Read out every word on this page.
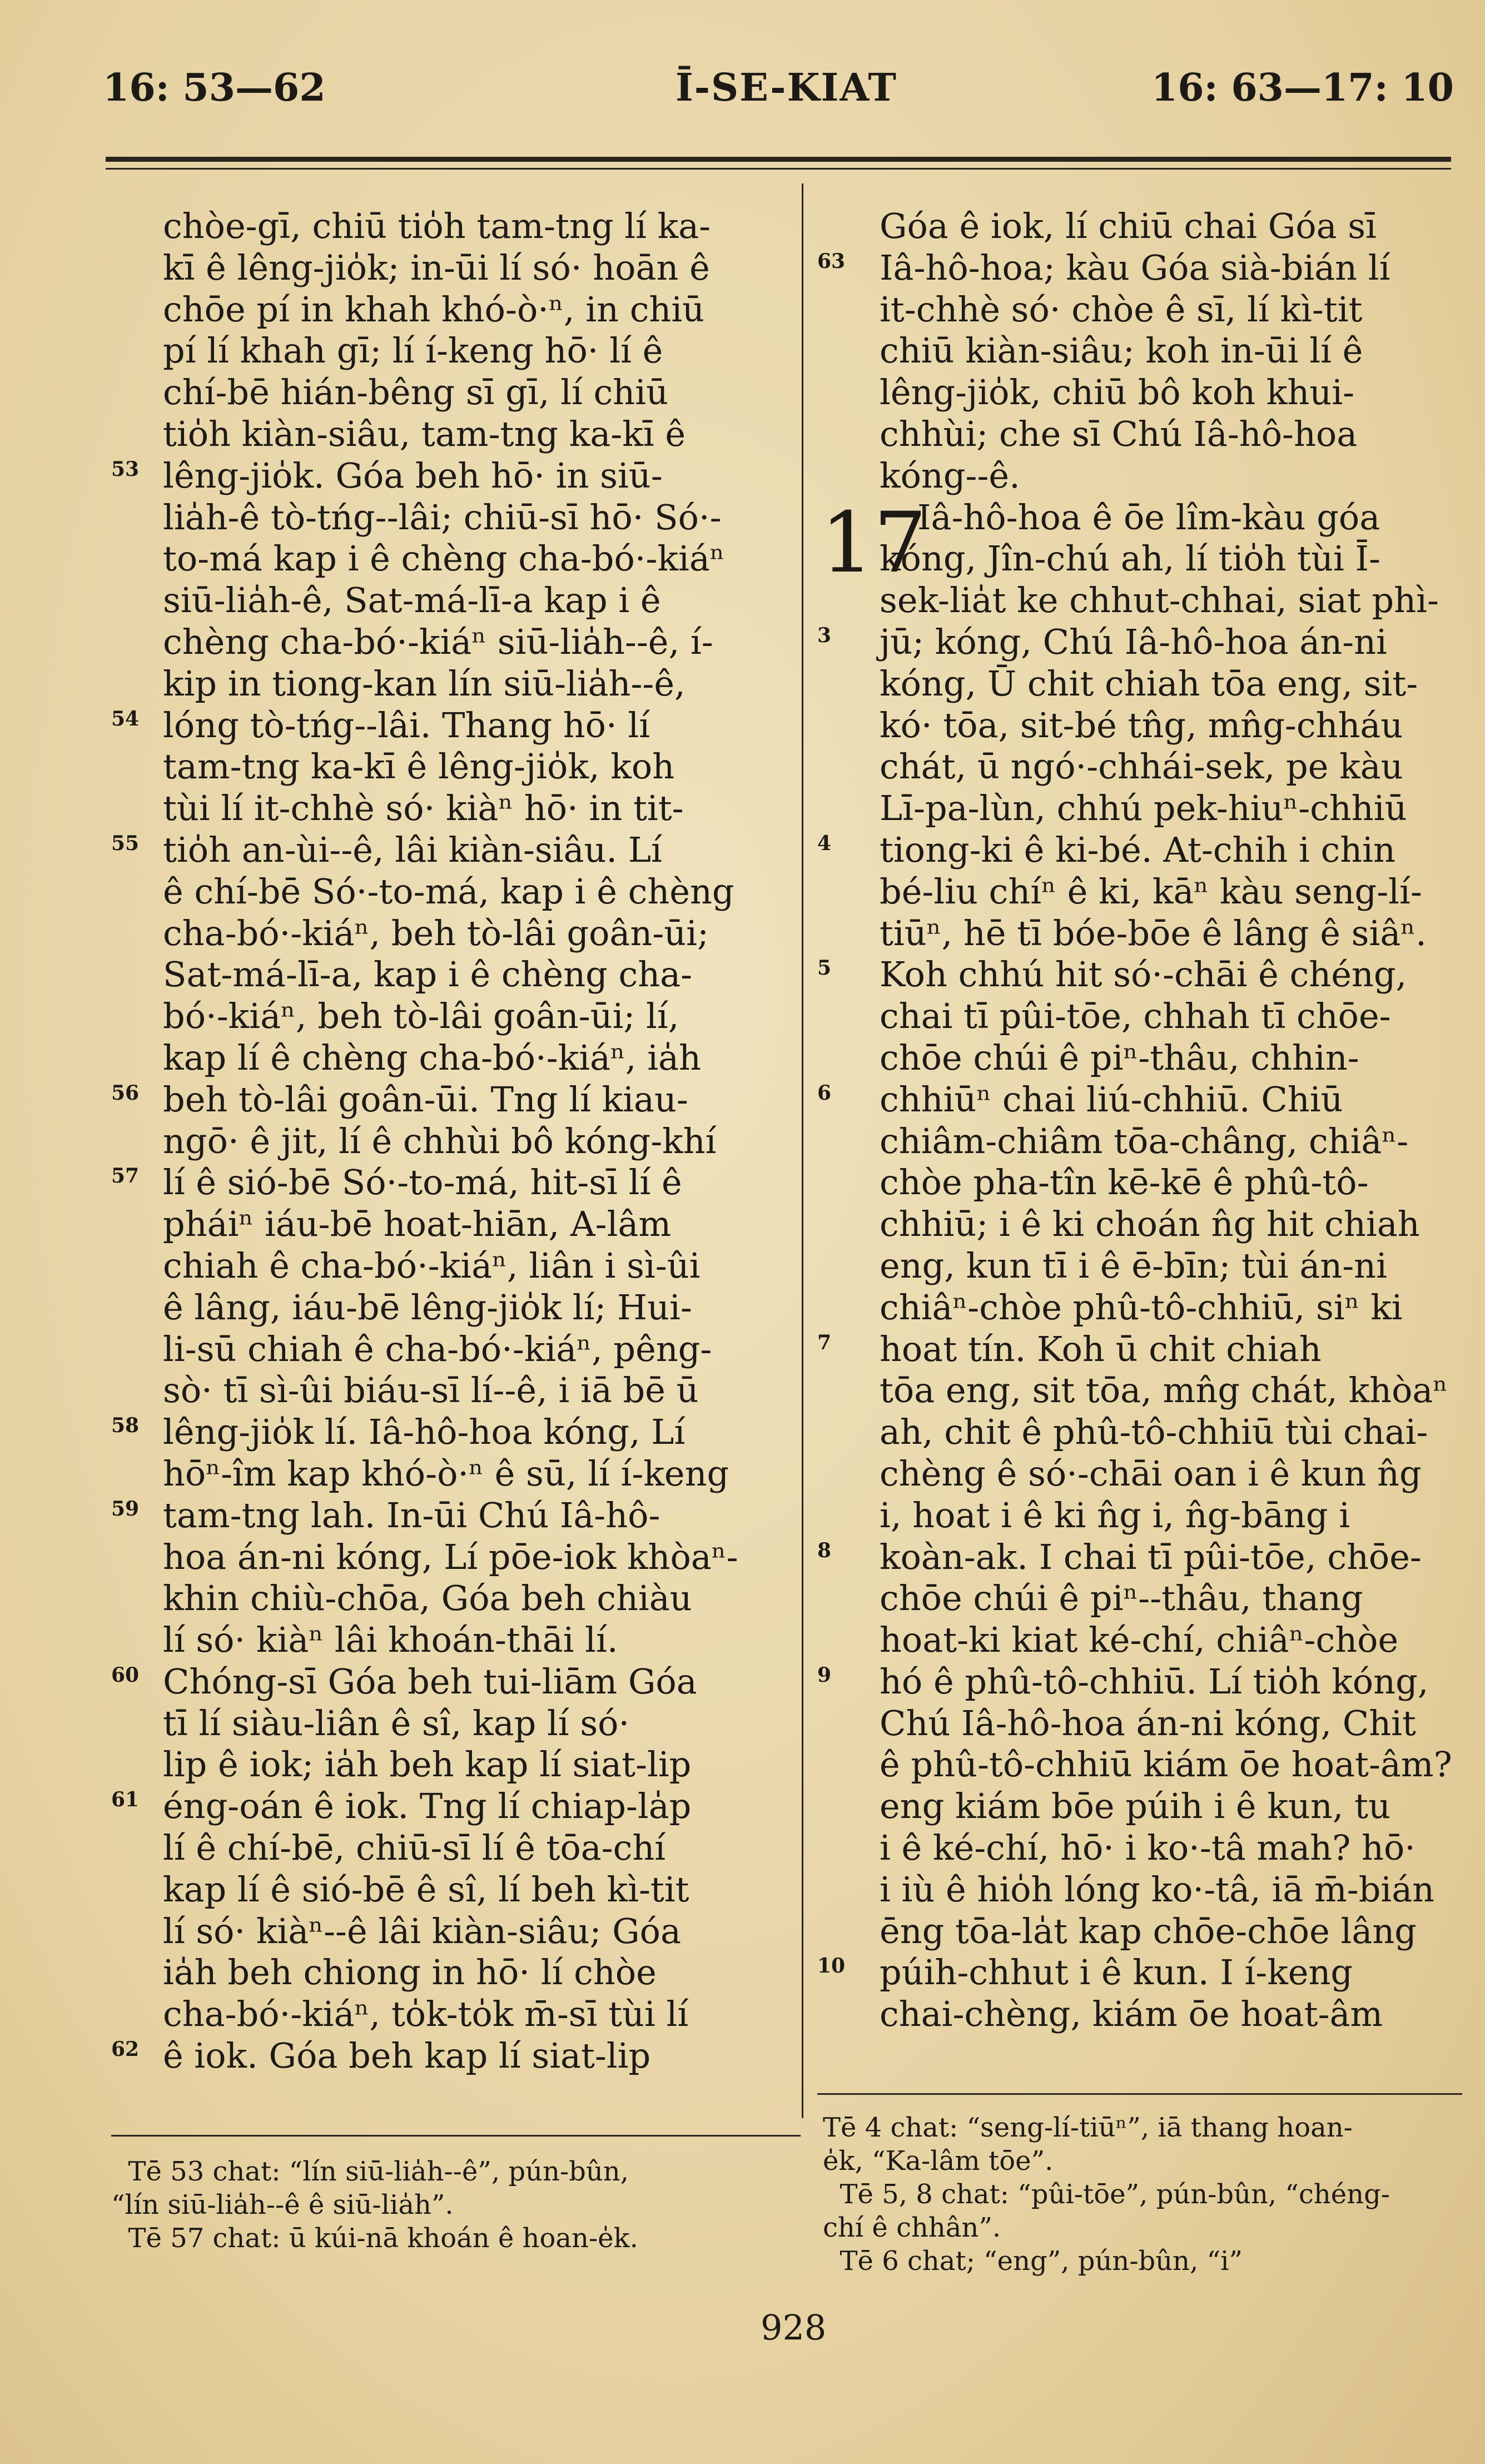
16: 53—62	Ī-SE-KIAT	16: 63—17: 10
chòe-gī, chiū tio̍h tam-tng lí ka-
kī ê lêng-jio̍k; in-ūi lí só· hoān ê
chōe pí in khah khó-ò·ⁿ, in chiū
pí lí khah gī; lí í-keng hō· lí ê
chí-bē hián-bêng sī gī, lí chiū
tio̍h kiàn-siâu, tam-tng ka-kī ê
53 lêng-jio̍k. Góa beh hō· in siū-
lia̍h-ê tò-tńg--lâi; chiū-sī hō· Só·-
to-má kap i ê chèng cha-bó·-kiáⁿ
siū-lia̍h-ê, Sat-má-lī-a kap i ê
chèng cha-bó·-kiáⁿ siū-lia̍h--ê, í-
kip in tiong-kan lín siū-lia̍h--ê,
54 lóng tò-tńg--lâi. Thang hō· lí
tam-tng ka-kī ê lêng-jio̍k, koh
tùi lí it-chhè só· kiàⁿ hō· in tit-
55 tio̍h an-ùi--ê, lâi kiàn-siâu. Lí
ê chí-bē Só·-to-má, kap i ê chèng
cha-bó·-kiáⁿ, beh tò-lâi goân-ūi;
Sat-má-lī-a, kap i ê chèng cha-
bó·-kiáⁿ, beh tò-lâi goân-ūi; lí,
kap lí ê chèng cha-bó·-kiáⁿ, ia̍h
56 beh tò-lâi goân-ūi. Tng lí kiau-
ngō· ê jit, lí ê chhùi bô kóng-khí
57 lí ê sió-bē Só·-to-má, hit-sī lí ê
pháiⁿ iáu-bē hoat-hiān, A-lâm
chiah ê cha-bó·-kiáⁿ, liân i sì-ûi
ê lâng, iáu-bē lêng-jio̍k lí; Hui-
li-sū chiah ê cha-bó·-kiáⁿ, pêng-
sò· tī sì-ûi biáu-sī lí--ê, i iā bē ū
58 lêng-jio̍k lí. Iâ-hô-hoa kóng, Lí
hōⁿ-îm kap khó-ò·ⁿ ê sū, lí í-keng
59 tam-tng lah. In-ūi Chú Iâ-hô-
hoa án-ni kóng, Lí pōe-iok khòaⁿ-
khin chiù-chōa, Góa beh chiàu
lí só· kiàⁿ lâi khoán-thāi lí.
60 Chóng-sī Góa beh tui-liām Góa
tī lí siàu-liân ê sî, kap lí só·
lip ê iok; ia̍h beh kap lí siat-lip
61 éng-oán ê iok. Tng lí chiap-la̍p
lí ê chí-bē, chiū-sī lí ê tōa-chí
kap lí ê sió-bē ê sî, lí beh kì-tit
lí só· kiàⁿ--ê lâi kiàn-siâu; Góa
ia̍h beh chiong in hō· lí chòe
cha-bó·-kiáⁿ, to̍k-to̍k m̄-sī tùi lí
62 ê iok. Góa beh kap lí siat-lip
Góa ê iok, lí chiū chai Góa sī
63 Iâ-hô-hoa; kàu Góa sià-bián lí
it-chhè só· chòe ê sī, lí kì-tit
chiū kiàn-siâu; koh in-ūi lí ê
lêng-jio̍k, chiū bô koh khui-
chhùi; che sī Chú Iâ-hô-hoa
kóng--ê.
17
Iâ-hô-hoa ê ōe lîm-kàu góa
kóng, Jîn-chú ah, lí tio̍h tùi Ī-
sek-lia̍t ke chhut-chhai, siat phì-
3 jū; kóng, Chú Iâ-hô-hoa án-ni
kóng, Ū chit chiah tōa eng, sit-
kó· tōa, sit-bé tn̂g, mn̂g-chháu
chát, ū ngó·-chhái-sek, pe kàu
Lī-pa-lùn, chhú pek-hiuⁿ-chhiū
4 tiong-ki ê ki-bé. At-chih i chin
bé-liu chíⁿ ê ki, kāⁿ kàu seng-lí-
tiūⁿ, hē tī bóe-bōe ê lâng ê siâⁿ.
5 Koh chhú hit só·-chāi ê chéng,
chai tī pûi-tōe, chhah tī chōe-
chōe chúi ê piⁿ-thâu, chhin-
6 chhiūⁿ chai liú-chhiū. Chiū
chiâm-chiâm tōa-châng, chiâⁿ-
chòe pha-tîn kē-kē ê phû-tô-
chhiū; i ê ki choán n̂g hit chiah
eng, kun tī i ê ē-bīn; tùi án-ni
chiâⁿ-chòe phû-tô-chhiū, siⁿ ki
7 hoat tín. Koh ū chit chiah
tōa eng, sit tōa, mn̂g chát, khòaⁿ
ah, chit ê phû-tô-chhiū tùi chai-
chèng ê só·-chāi oan i ê kun n̂g
i, hoat i ê ki n̂g i, n̂g-bāng i
8 koàn-ak. I chai tī pûi-tōe, chōe-
chōe chúi ê piⁿ--thâu, thang
hoat-ki kiat ké-chí, chiâⁿ-chòe
9 hó ê phû-tô-chhiū. Lí tio̍h kóng,
Chú Iâ-hô-hoa án-ni kóng, Chit
ê phû-tô-chhiū kiám ōe hoat-âm?
eng kiám bōe púih i ê kun, tu
i ê ké-chí, hō· i ko·-tâ mah? hō·
i iù ê hio̍h lóng ko·-tâ, iā m̄-bián
ēng tōa-la̍t kap chōe-chōe lâng
10 púih-chhut i ê kun. I í-keng
chai-chèng, kiám ōe hoat-âm
Tē 53 chat: “lín siū-lia̍h--ê”, pún-bûn,
“lín siū-lia̍h--ê ê siū-lia̍h”.
Tē 57 chat: ū kúi-nā khoán ê hoan-e̍k.
Tē 4 chat: “seng-lí-tiūⁿ”, iā thang hoan-
e̍k, “Ka-lâm tōe”.
Tē 5, 8 chat: “pûi-tōe”, pún-bûn, “chéng-
chí ê chhân”.
Tē 6 chat; “eng”, pún-bûn, “i”
928
